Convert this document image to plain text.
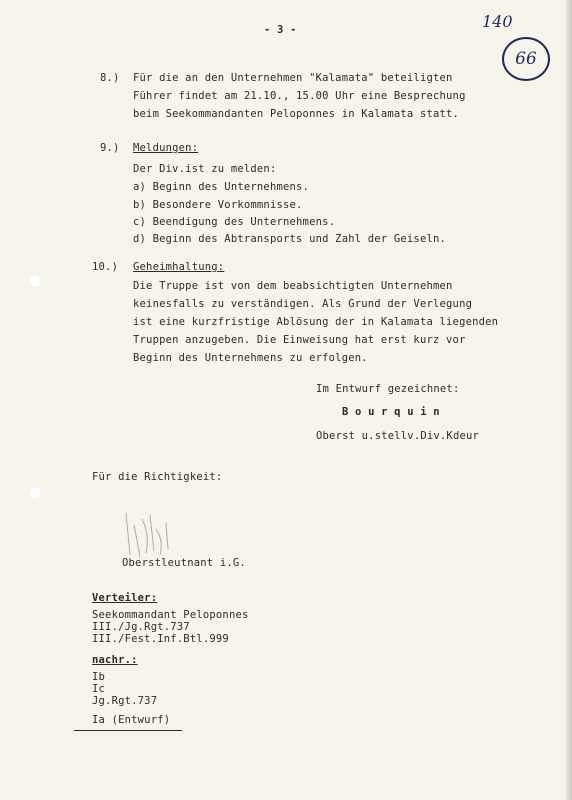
- 3 -	140
66
8.) Für die an den Unternehmen "Kalamata" beteiligten
Führer findet am 21.10., 15.00 Uhr eine Besprechung
beim Seekommandanten Peloponnes in Kalamata statt.
9.) Meldungen:
Der Div.ist zu melden:
a) Beginn des Unternehmens.
b) Besondere Vorkommnisse.
c) Beendigung des Unternehmens.
d) Beginn des Abtransports und Zahl der Geiseln.
10.) Geheimhaltung:
Die Truppe ist von dem beabsichtigten Unternehmen
keinesfalls zu verständigen. Als Grund der Verlegung
ist eine kurzfristige Ablösung der in Kalamata liegenden
Truppen anzugeben. Die Einweisung hat erst kurz vor
Beginn des Unternehmens zu erfolgen.
Im Entwurf gezeichnet:
B o u r q u i n
Oberst u.stellv.Div.Kdeur
Für die Richtigkeit:
Oberstleutnant i.G.
Verteiler:
Seekommandant Peloponnes
III./Jg.Rgt.737
III./Fest.Inf.Btl.999
nachr.:
Ib
Ic
Jg.Rgt.737
Ia (Entwurf)
